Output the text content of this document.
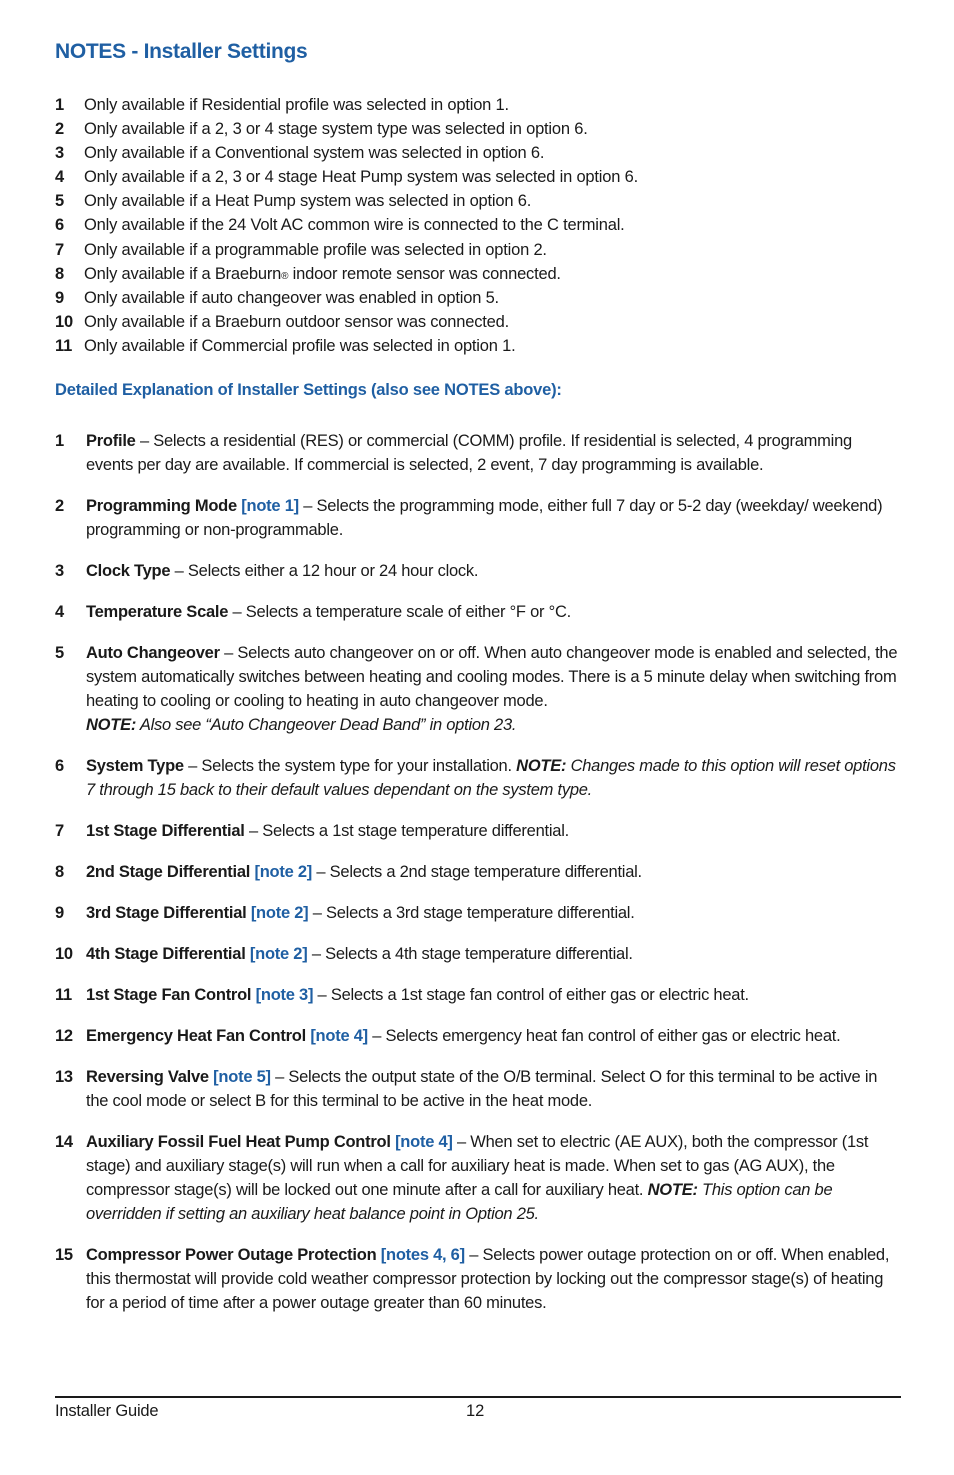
NOTES - Installer Settings
1	Only available if Residential profile was selected in option 1.
2	Only available if a 2, 3 or 4 stage system type was selected in option 6.
3	Only available if a Conventional system was selected in option 6.
4	Only available if a 2, 3 or 4 stage Heat Pump system was selected in option 6.
5	Only available if a Heat Pump system was selected in option 6.
6	Only available if the 24 Volt AC common wire is connected to the C terminal.
7	Only available if a programmable profile was selected in option 2.
8	Only available if a Braeburn® indoor remote sensor was connected.
9	Only available if auto changeover was enabled in option 5.
10 Only available if a Braeburn outdoor sensor was connected.
11 Only available if Commercial profile was selected in option 1.
Detailed Explanation of Installer Settings (also see NOTES above):
1	Profile – Selects a residential (RES) or commercial (COMM) profile. If residential is selected, 4 programming events per day are available. If commercial is selected, 2 event, 7 day programming is available.
2	Programming Mode [note 1] – Selects the programming mode, either full 7 day or 5-2 day (weekday/ weekend) programming or non-programmable.
3	Clock Type – Selects either a 12 hour or 24 hour clock.
4	Temperature Scale – Selects a temperature scale of either °F or °C.
5	Auto Changeover – Selects auto changeover on or off. When auto changeover mode is enabled and selected, the system automatically switches between heating and cooling modes. There is a 5 minute delay when switching from heating to cooling or cooling to heating in auto changeover mode.
NOTE: Also see “Auto Changeover Dead Band” in option 23.
6	System Type – Selects the system type for your installation. NOTE: Changes made to this option will reset options 7 through 15 back to their default values dependant on the system type.
7	1st Stage Differential – Selects a 1st stage temperature differential.
8	2nd Stage Differential [note 2] – Selects a 2nd stage temperature differential.
9	3rd Stage Differential [note 2] – Selects a 3rd stage temperature differential.
10 4th Stage Differential [note 2] – Selects a 4th stage temperature differential.
11 1st Stage Fan Control [note 3] – Selects a 1st stage fan control of either gas or electric heat.
12 Emergency Heat Fan Control [note 4] – Selects emergency heat fan control of either gas or electric heat.
13 Reversing Valve [note 5] – Selects the output state of the O/B terminal. Select O for this terminal to be active in the cool mode or select B for this terminal to be active in the heat mode.
14 Auxiliary Fossil Fuel Heat Pump Control [note 4] – When set to electric (AE AUX), both the compressor (1st stage) and auxiliary stage(s) will run when a call for auxiliary heat is made. When set to gas (AG AUX), the compressor stage(s) will be locked out one minute after a call for auxiliary heat. NOTE: This option can be overridden if setting an auxiliary heat balance point in Option 25.
15 Compressor Power Outage Protection [notes 4, 6] – Selects power outage protection on or off. When enabled, this thermostat will provide cold weather compressor protection by locking out the compressor stage(s) of heating for a period of time after a power outage greater than 60 minutes.
Installer Guide	12
